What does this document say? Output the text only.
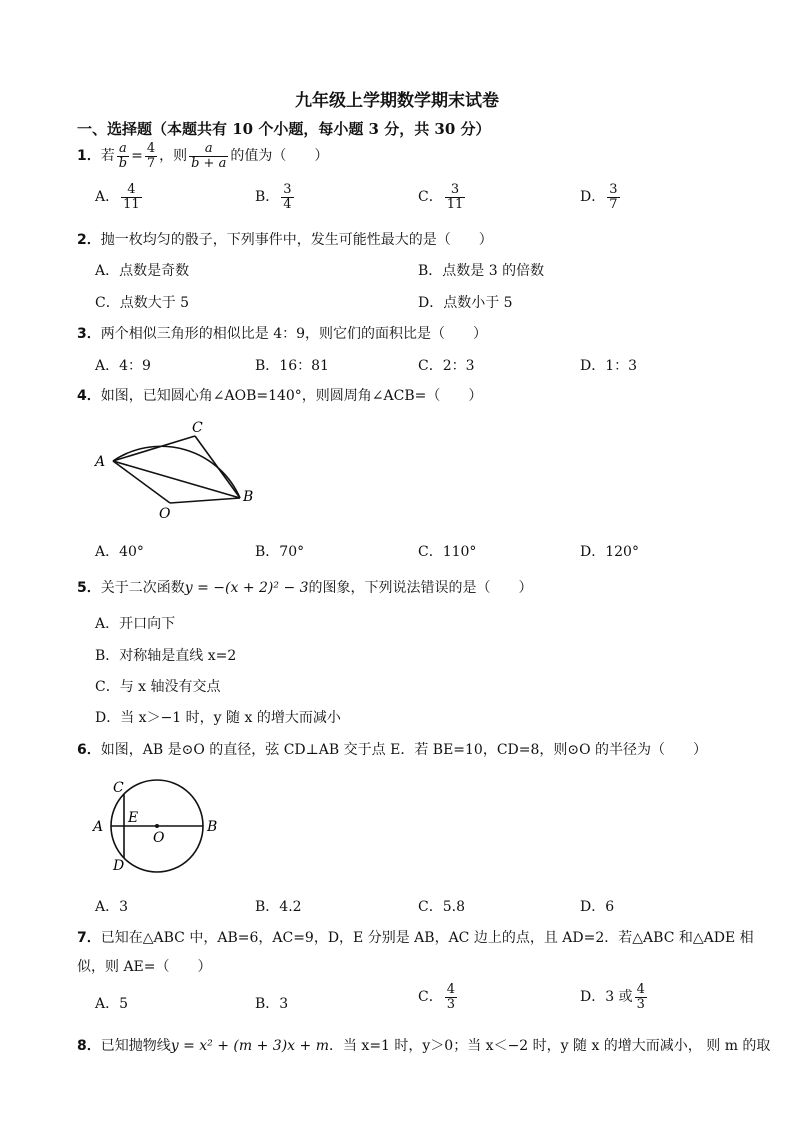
九年级上学期数学期末试卷
一、选择题（本题共有 10 个小题，每小题 3 分，共 30 分）
1．若 $\frac{a}{b} = \frac{4}{7}$ ，则 $\frac{a}{b + a}$ 的值为（　　）
A． $\frac{4}{11}$	B． $\frac{3}{4}$	C． $\frac{3}{11}$	D． $\frac{3}{7}$
2．抛一枚均匀的骰子，下列事件中，发生可能性最大的是（　　）
A．点数是奇数	B．点数是 3 的倍数
C．点数大于 5	D．点数小于 5
3．两个相似三角形的相似比是 4：9，则它们的面积比是（　　）
A．4：9	B．16：81	C．2：3	D．1：3
4．如图，已知圆心角∠AOB=140°，则圆周角∠ACB=（　　）
A
C
B
O
A．40°	B．70°	C．110°	D．120°
5．关于二次函数y = −(x + 2)² − 3的图象，下列说法错误的是（　　）
A．开口向下
B．对称轴是直线 x=2
C．与 x 轴没有交点
D．当 x＞−1 时，y 随 x 的增大而减小
6．如图，AB 是⊙O 的直径，弦 CD⊥AB 交于点 E．若 BE=10，CD=8，则⊙O 的半径为（　　）
A	B
C
D
E
O
A．3	B．4.2	C．5.8	D．6
7．已知在△ABC 中，AB=6，AC=9，D，E 分别是 AB，AC 边上的点，且 AD=2．若△ABC 和△ADE 相
似，则 AE=（　　）
A．5	B．3	C． $\frac{4}{3}$	D．3 或 $\frac{4}{3}$
8．已知抛物线y = x² + (m + 3)x + m．当 x=1 时，y＞0；当 x＜−2 时，y 随 x 的增大而减小， 则 m 的取
